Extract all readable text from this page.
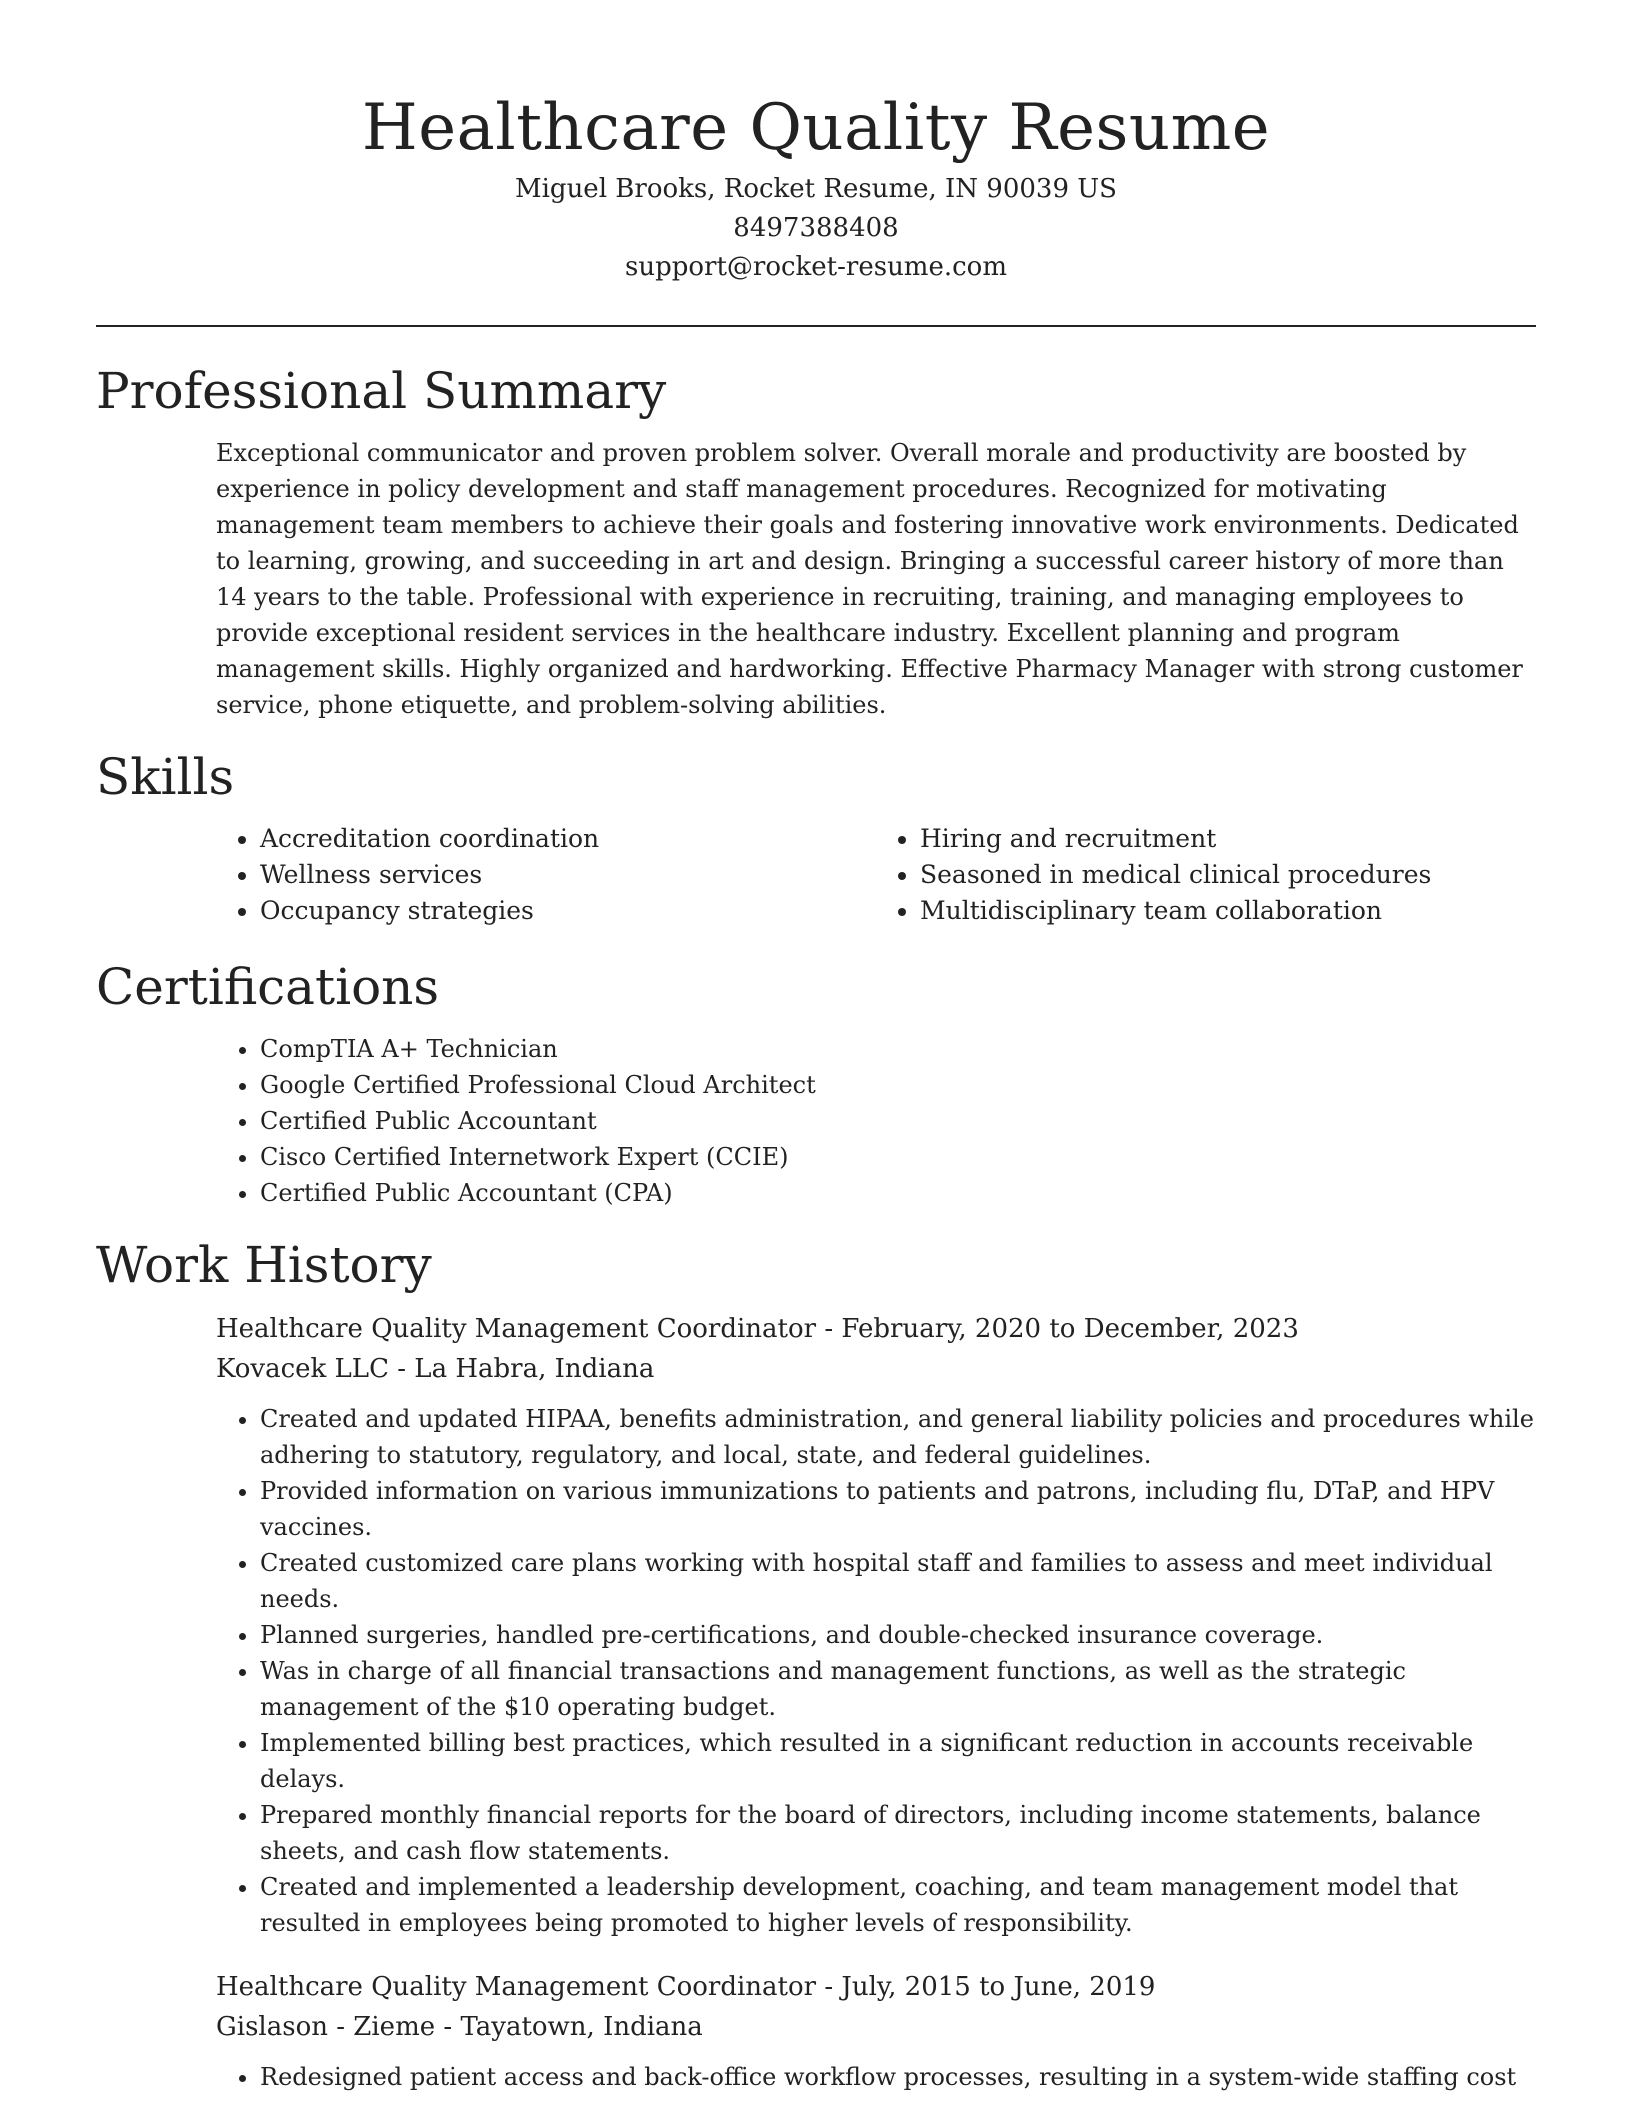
Healthcare Quality Resume
Miguel Brooks, Rocket Resume, IN 90039 US
8497388408
support@rocket-resume.com
Professional Summary

Exceptional communicator and proven problem solver. Overall morale and productivity are boosted by experience in policy development and staff management procedures. Recognized for motivating management team members to achieve their goals and fostering innovative work environments. Dedicated to learning, growing, and succeeding in art and design. Bringing a successful career history of more than 14 years to the table. Professional with experience in recruiting, training, and managing employees to provide exceptional resident services in the healthcare industry. Excellent planning and program management skills. Highly organized and hardworking. Effective Pharmacy Manager with strong customer service, phone etiquette, and problem-solving abilities.

Skills
• Accreditation coordination
• Wellness services
• Occupancy strategies
• Hiring and recruitment
• Seasoned in medical clinical procedures
• Multidisciplinary team collaboration
Certifications
• CompTIA A+ Technician
• Google Certified Professional Cloud Architect
• Certified Public Accountant
• Cisco Certified Internetwork Expert (CCIE)
• Certified Public Accountant (CPA)
Work History
Healthcare Quality Management Coordinator - February, 2020 to December, 2023
Kovacek LLC - La Habra, Indiana
• Created and updated HIPAA, benefits administration, and general liability policies and procedures while adhering to statutory, regulatory, and local, state, and federal guidelines.
• Provided information on various immunizations to patients and patrons, including flu, DTaP, and HPV vaccines.
• Created customized care plans working with hospital staff and families to assess and meet individual needs.
• Planned surgeries, handled pre-certifications, and double-checked insurance coverage.
• Was in charge of all financial transactions and management functions, as well as the strategic management of the $10 operating budget.
• Implemented billing best practices, which resulted in a significant reduction in accounts receivable delays.
• Prepared monthly financial reports for the board of directors, including income statements, balance sheets, and cash flow statements.
• Created and implemented a leadership development, coaching, and team management model that resulted in employees being promoted to higher levels of responsibility.
Healthcare Quality Management Coordinator - July, 2015 to June, 2019
Gislason - Zieme - Tayatown, Indiana
• Redesigned patient access and back-office workflow processes, resulting in a system-wide staffing cost
